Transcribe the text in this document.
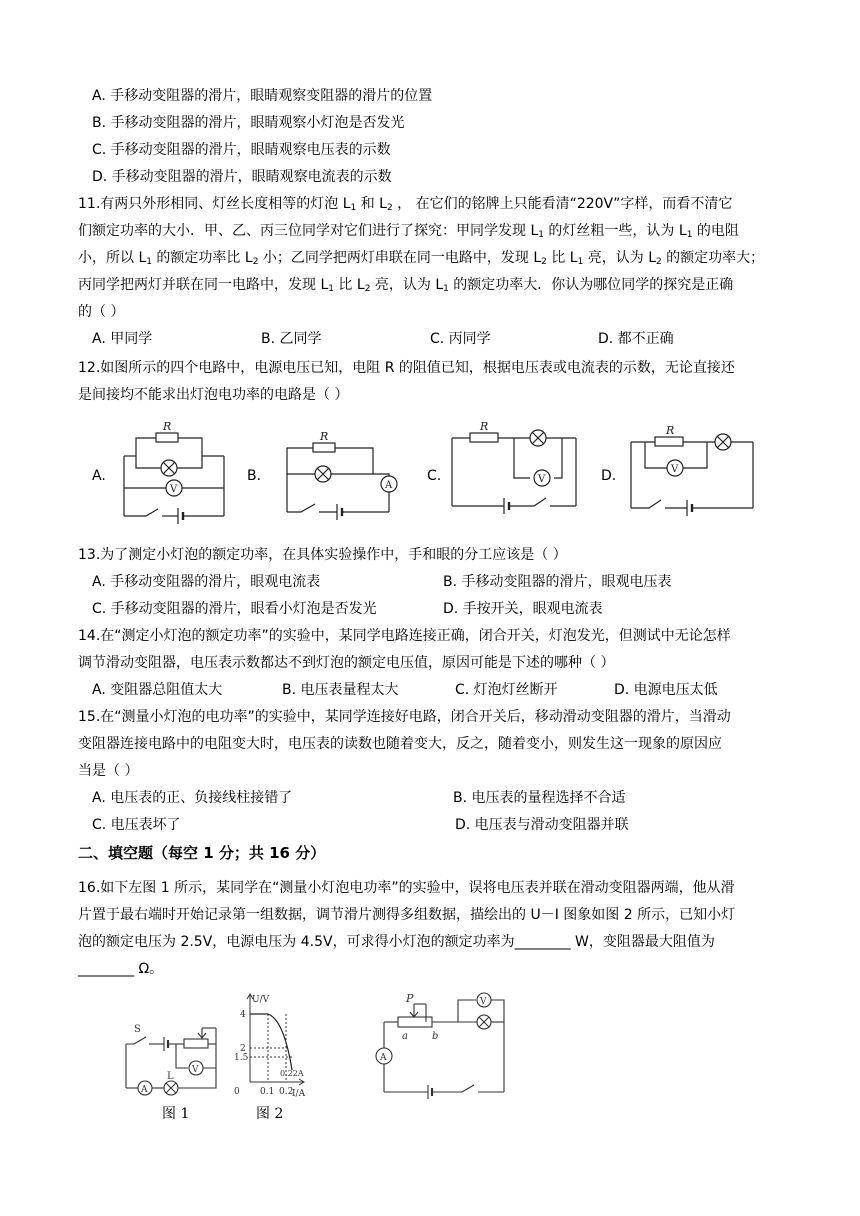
A. 手移动变阻器的滑片，眼睛观察变阻器的滑片的位置
B. 手移动变阻器的滑片，眼睛观察小灯泡是否发光
C. 手移动变阻器的滑片，眼睛观察电压表的示数
D. 手移动变阻器的滑片，眼睛观察电流表的示数
11.有两只外形相同、灯丝长度相等的灯泡 $L_1$ 和 $L_2$ ， 在它们的铭牌上只能看清“220V”字样，而看不清它
们额定功率的大小．甲、乙、丙三位同学对它们进行了探究：甲同学发现 $L_1$ 的灯丝粗一些，认为 $L_1$ 的电阻
小，所以 $L_1$ 的额定功率比 $L_2$ 小；乙同学把两灯串联在同一电路中，发现 $L_2$ 比 $L_1$ 亮，认为 $L_2$ 的额定功率大；
丙同学把两灯并联在同一电路中，发现 $L_1$ 比 $L_2$ 亮，认为 $L_1$ 的额定功率大．你认为哪位同学的探究是正确
的（ ）
A. 甲同学	B. 乙同学	C. 丙同学	D. 都不正确
12.如图所示的四个电路中，电源电压已知，电阻 R 的阻值已知，根据电压表或电流表的示数，无论直接还
是间接均不能求出灯泡电功率的电路是（ ）
A.	B.	C.	D.
R
V
R
A
R
V
R
V
13.为了测定小灯泡的额定功率，在具体实验操作中，手和眼的分工应该是（ ）
A. 手移动变阻器的滑片，眼观电流表	B. 手移动变阻器的滑片，眼观电压表
C. 手移动变阻器的滑片，眼看小灯泡是否发光	D. 手按开关，眼观电流表
14.在“测定小灯泡的额定功率”的实验中，某同学电路连接正确，闭合开关，灯泡发光，但测试中无论怎样
调节滑动变阻器，电压表示数都达不到灯泡的额定电压值，原因可能是下述的哪种（ ）
A. 变阻器总阻值太大	B. 电压表量程太大	C. 灯泡灯丝断开	D. 电源电压太低
15.在“测量小灯泡的电功率”的实验中，某同学连接好电路，闭合开关后，移动滑动变阻器的滑片，当滑动
变阻器连接电路中的电阻变大时，电压表的读数也随着变大，反之，随着变小，则发生这一现象的原因应
当是（ ）
A. 电压表的正、负接线柱接错了	B. 电压表的量程选择不合适
C. 电压表坏了	D. 电压表与滑动变阻器并联
二、填空题（每空 1 分；共 16 分）
16.如下左图 1 所示，某同学在“测量小灯泡电功率”的实验中，误将电压表并联在滑动变阻器两端，他从滑
片置于最右端时开始记录第一组数据，调节滑片测得多组数据，描绘出的 U－I 图象如图 2 所示，已知小灯
泡的额定电压为 2.5V，电源电压为 4.5V，可求得小灯泡的额定功率为________ W，变阻器最大阻值为
________ Ω。
S
V
A
L
图 1
U/V
I/A
4
2
1.5
0 0.1 0.2
0.22A
图 2
P
a b
V
A
